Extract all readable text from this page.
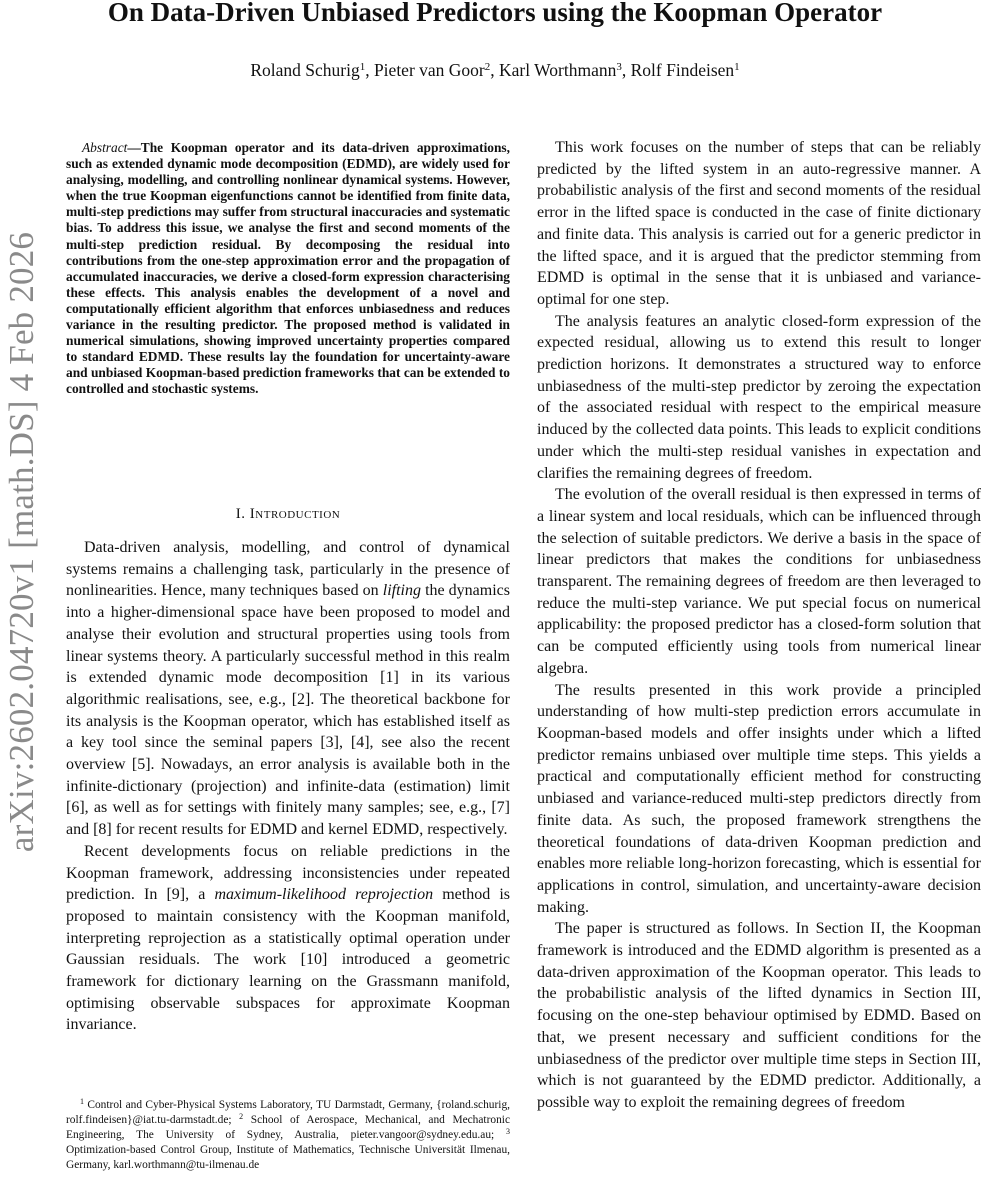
arXiv:2602.04720v1 [math.DS] 4 Feb 2026
On Data-Driven Unbiased Predictors using the Koopman Operator
Roland Schurig$^1$, Pieter van Goor$^2$, Karl Worthmann$^3$, Rolf Findeisen$^1$

Abstract—The Koopman operator and its data-driven approximations, such as extended dynamic mode decomposition (EDMD), are widely used for analysing, modelling, and controlling nonlinear dynamical systems. However, when the true Koopman eigenfunctions cannot be identified from finite data, multi-step predictions may suffer from structural inaccuracies and systematic bias. To address this issue, we analyse the first and second moments of the multi-step prediction residual. By decomposing the residual into contributions from the one-step approximation error and the propagation of accumulated inaccuracies, we derive a closed-form expression characterising these effects. This analysis enables the development of a novel and computationally efficient algorithm that enforces unbiasedness and reduces variance in the resulting predictor. The proposed method is validated in numerical simulations, showing improved uncertainty properties compared to standard EDMD. These results lay the foundation for uncertainty-aware and unbiased Koopman-based prediction frameworks that can be extended to controlled and stochastic systems.

I. Introduction

Data-driven analysis, modelling, and control of dynamical systems remains a challenging task, particularly in the presence of nonlinearities. Hence, many techniques based on lifting the dynamics into a higher-dimensional space have been proposed to model and analyse their evolution and structural properties using tools from linear systems theory. A particularly successful method in this realm is extended dynamic mode decomposition [1] in its various algorithmic realisations, see, e.g., [2]. The theoretical backbone for its analysis is the Koopman operator, which has established itself as a key tool since the seminal papers [3], [4], see also the recent overview [5]. Nowadays, an error analysis is available both in the infinite-dictionary (projection) and infinite-data (estimation) limit [6], as well as for settings with finitely many samples; see, e.g., [7] and [8] for recent results for EDMD and kernel EDMD, respectively.

Recent developments focus on reliable predictions in the Koopman framework, addressing inconsistencies under repeated prediction. In [9], a maximum-likelihood reprojection method is proposed to maintain consistency with the Koopman manifold, interpreting reprojection as a statistically optimal operation under Gaussian residuals. The work [10] introduced a geometric framework for dictionary learning on the Grassmann manifold, optimising observable subspaces for approximate Koopman invariance.

$^1$ Control and Cyber-Physical Systems Laboratory, TU Darmstadt, Germany, {roland.schurig, rolf.findeisen}@iat.tu-darmstadt.de; $^2$ School of Aerospace, Mechanical, and Mechatronic Engineering, The University of Sydney, Australia, pieter.vangoor@sydney.edu.au; $^3$ Optimization-based Control Group, Institute of Mathematics, Technische Universität Ilmenau, Germany, karl.worthmann@tu-ilmenau.de

This work focuses on the number of steps that can be reliably predicted by the lifted system in an auto-regressive manner. A probabilistic analysis of the first and second moments of the residual error in the lifted space is conducted in the case of finite dictionary and finite data. This analysis is carried out for a generic predictor in the lifted space, and it is argued that the predictor stemming from EDMD is optimal in the sense that it is unbiased and variance-optimal for one step.

The analysis features an analytic closed-form expression of the expected residual, allowing us to extend this result to longer prediction horizons. It demonstrates a structured way to enforce unbiasedness of the multi-step predictor by zeroing the expectation of the associated residual with respect to the empirical measure induced by the collected data points. This leads to explicit conditions under which the multi-step residual vanishes in expectation and clarifies the remaining degrees of freedom.

The evolution of the overall residual is then expressed in terms of a linear system and local residuals, which can be influenced through the selection of suitable predictors. We derive a basis in the space of linear predictors that makes the conditions for unbiasedness transparent. The remaining degrees of freedom are then leveraged to reduce the multi-step variance. We put special focus on numerical applicability: the proposed predictor has a closed-form solution that can be computed efficiently using tools from numerical linear algebra.

The results presented in this work provide a principled understanding of how multi-step prediction errors accumulate in Koopman-based models and offer insights under which a lifted predictor remains unbiased over multiple time steps. This yields a practical and computationally efficient method for constructing unbiased and variance-reduced multi-step predictors directly from finite data. As such, the proposed framework strengthens the theoretical foundations of data-driven Koopman prediction and enables more reliable long-horizon forecasting, which is essential for applications in control, simulation, and uncertainty-aware decision making.

The paper is structured as follows. In Section II, the Koopman framework is introduced and the EDMD algorithm is presented as a data-driven approximation of the Koopman operator. This leads to the probabilistic analysis of the lifted dynamics in Section III, focusing on the one-step behaviour optimised by EDMD. Based on that, we present necessary and sufficient conditions for the unbiasedness of the predictor over multiple time steps in Section III, which is not guaranteed by the EDMD predictor. Additionally, a possible way to exploit the remaining degrees of freedom
